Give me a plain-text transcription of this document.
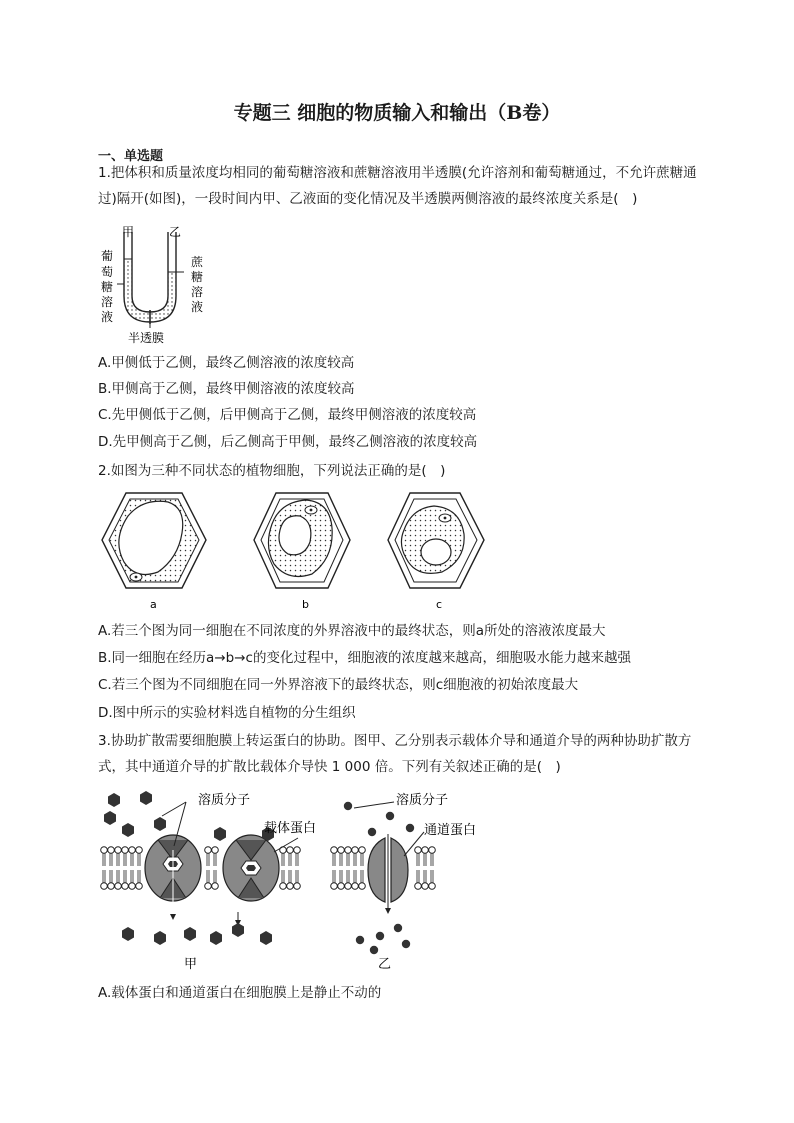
专题三 细胞的物质输入和输出（B卷）
一、单选题
1.把体积和质量浓度均相同的葡萄糖溶液和蔗糖溶液用半透膜(允许溶剂和葡萄糖通过，不允许蔗糖通过)隔开(如图)，一段时间内甲、乙液面的变化情况及半透膜两侧溶液的最终浓度关系是(　)
甲	乙
葡
萄
糖
溶
液
蔗
糖
溶
液
半透膜
A.甲侧低于乙侧，最终乙侧溶液的浓度较高
B.甲侧高于乙侧，最终甲侧溶液的浓度较高
C.先甲侧低于乙侧，后甲侧高于乙侧，最终甲侧溶液的浓度较高
D.先甲侧高于乙侧，后乙侧高于甲侧，最终乙侧溶液的浓度较高
2.如图为三种不同状态的植物细胞，下列说法正确的是(　)
a	b	c
A.若三个图为同一细胞在不同浓度的外界溶液中的最终状态，则a所处的溶液浓度最大
B.同一细胞在经历a→b→c的变化过程中，细胞液的浓度越来越高，细胞吸水能力越来越强
C.若三个图为不同细胞在同一外界溶液下的最终状态，则c细胞液的初始浓度最大
D.图中所示的实验材料选自植物的分生组织
3.协助扩散需要细胞膜上转运蛋白的协助。图甲、乙分别表示载体介导和通道介导的两种协助扩散方式，其中通道介导的扩散比载体介导快 1 000 倍。下列有关叙述正确的是(　)
溶质分子
载体蛋白
甲
溶质分子
通道蛋白
乙
A.载体蛋白和通道蛋白在细胞膜上是静止不动的
